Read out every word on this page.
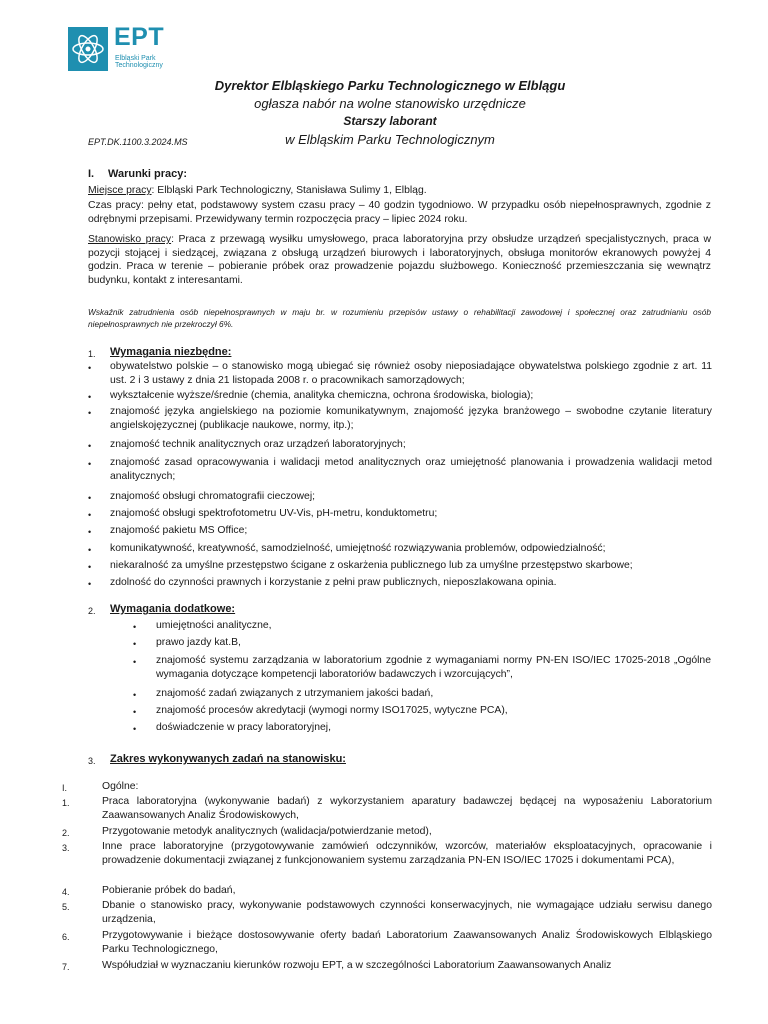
EPT
Elbląski Park Technologiczny
Dyrektor Elbląskiego Parku Technologicznego w Elblągu
ogłasza nabór na wolne stanowisko urzędnicze
Starszy laborant
w Elbląskim Parku Technologicznym
EPT.DK.1100.3.2024.MS
I. Warunki pracy:
Miejsce pracy: Elbląski Park Technologiczny, Stanisława Sulimy 1, Elbląg.
Czas pracy: pełny etat, podstawowy system czasu pracy – 40 godzin tygodniowo. W przypadku osób niepełnosprawnych, zgodnie z odrębnymi przepisami. Przewidywany termin rozpoczęcia pracy – lipiec 2024 roku.
Stanowisko pracy: Praca z przewagą wysiłku umysłowego, praca laboratoryjna przy obsłudze urządzeń specjalistycznych, praca w pozycji stojącej i siedzącej, związana z obsługą urządzeń biurowych i laboratoryjnych, obsługa monitorów ekranowych powyżej 4 godzin. Praca w terenie – pobieranie próbek oraz prowadzenie pojazdu służbowego. Konieczność przemieszczania się wewnątrz budynku, kontakt z interesantami.
Wskaźnik zatrudnienia osób niepełnosprawnych w maju br. w rozumieniu przepisów ustawy o rehabilitacji zawodowej i społecznej oraz zatrudnianiu osób niepełnosprawnych nie przekroczył 6%.
1. Wymagania niezbędne:
• obywatelstwo polskie – o stanowisko mogą ubiegać się również osoby nieposiadające obywatelstwa polskiego zgodnie z art. 11 ust. 2 i 3 ustawy z dnia 21 listopada 2008 r. o pracownikach samorządowych;
• wykształcenie wyższe/średnie (chemia, analityka chemiczna, ochrona środowiska, biologia);
• znajomość języka angielskiego na poziomie komunikatywnym, znajomość języka branżowego – swobodne czytanie literatury angielskojęzycznej (publikacje naukowe, normy, itp.);
• znajomość technik analitycznych oraz urządzeń laboratoryjnych;
• znajomość zasad opracowywania i walidacji metod analitycznych oraz umiejętność planowania i prowadzenia walidacji metod analitycznych;
• znajomość obsługi chromatografii cieczowej;
• znajomość obsługi spektrofotometru UV-Vis, pH-metru, konduktometru;
• znajomość pakietu MS Office;
• komunikatywność, kreatywność, samodzielność, umiejętność rozwiązywania problemów, odpowiedzialność;
• niekaralność za umyślne przestępstwo ścigane z oskarżenia publicznego lub za umyślne przestępstwo skarbowe;
• zdolność do czynności prawnych i korzystanie z pełni praw publicznych, nieposzlakowana opinia.
2. Wymagania dodatkowe:
• umiejętności analityczne,
• prawo jazdy kat.B,
• znajomość systemu zarządzania w laboratorium zgodnie z wymaganiami normy PN-EN ISO/IEC 17025-2018 „Ogólne wymagania dotyczące kompetencji laboratoriów badawczych i wzorcujących”,
• znajomość zadań związanych z utrzymaniem jakości badań,
• znajomość procesów akredytacji (wymogi normy ISO17025, wytyczne PCA),
• doświadczenie w pracy laboratoryjnej,
3. Zakres wykonywanych zadań na stanowisku:
I.	Ogólne:
1.	Praca laboratoryjna (wykonywanie badań) z wykorzystaniem aparatury badawczej będącej na wyposażeniu Laboratorium Zaawansowanych Analiz Środowiskowych,
2.	Przygotowanie metodyk analitycznych (walidacja/potwierdzanie metod),
3.	Inne prace laboratoryjne (przygotowywanie zamówień odczynników, wzorców, materiałów eksploatacyjnych, opracowanie i prowadzenie dokumentacji związanej z funkcjonowaniem systemu zarządzania PN-EN ISO/IEC 17025 i dokumentami PCA),
4.	Pobieranie próbek do badań,
5.	Dbanie o stanowisko pracy, wykonywanie podstawowych czynności konserwacyjnych, nie wymagające udziału serwisu danego urządzenia,
6.	Przygotowywanie i bieżące dostosowywanie oferty badań Laboratorium Zaawansowanych Analiz Środowiskowych Elbląskiego Parku Technologicznego,
7.	Współudział w wyznaczaniu kierunków rozwoju EPT, a w szczególności Laboratorium Zaawansowanych Analiz
